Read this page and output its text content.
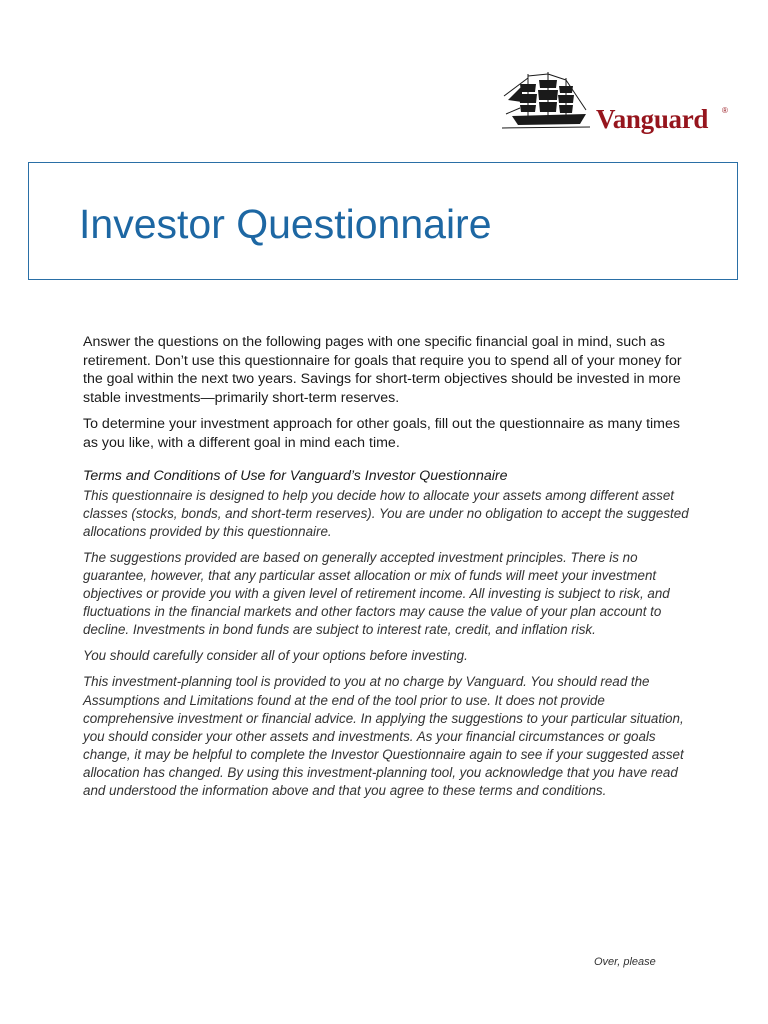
Vanguard ®
Investor Questionnaire

Answer the questions on the following pages with one specific financial goal in mind, such as retirement. Don’t use this questionnaire for goals that require you to spend all of your money for the goal within the next two years. Savings for short-term objectives should be invested in more stable investments—primarily short-term reserves.

To determine your investment approach for other goals, fill out the questionnaire as many times as you like, with a different goal in mind each time.

Terms and Conditions of Use for Vanguard’s Investor Questionnaire

This questionnaire is designed to help you decide how to allocate your assets among different asset classes (stocks, bonds, and short-term reserves). You are under no obligation to accept the suggested allocations provided by this questionnaire.

The suggestions provided are based on generally accepted investment principles. There is no guarantee, however, that any particular asset allocation or mix of funds will meet your investment objectives or provide you with a given level of retirement income. All investing is subject to risk, and fluctuations in the financial markets and other factors may cause the value of your plan account to decline. Investments in bond funds are subject to interest rate, credit, and inflation risk.

You should carefully consider all of your options before investing.

This investment-planning tool is provided to you at no charge by Vanguard. You should read the Assumptions and Limitations found at the end of the tool prior to use. It does not provide comprehensive investment or financial advice. In applying the suggestions to your particular situation, you should consider your other assets and investments. As your financial circumstances or goals change, it may be helpful to complete the Investor Questionnaire again to see if your suggested asset allocation has changed. By using this investment-planning tool, you acknowledge that you have read and understood the information above and that you agree to these terms and conditions.

Over, please
